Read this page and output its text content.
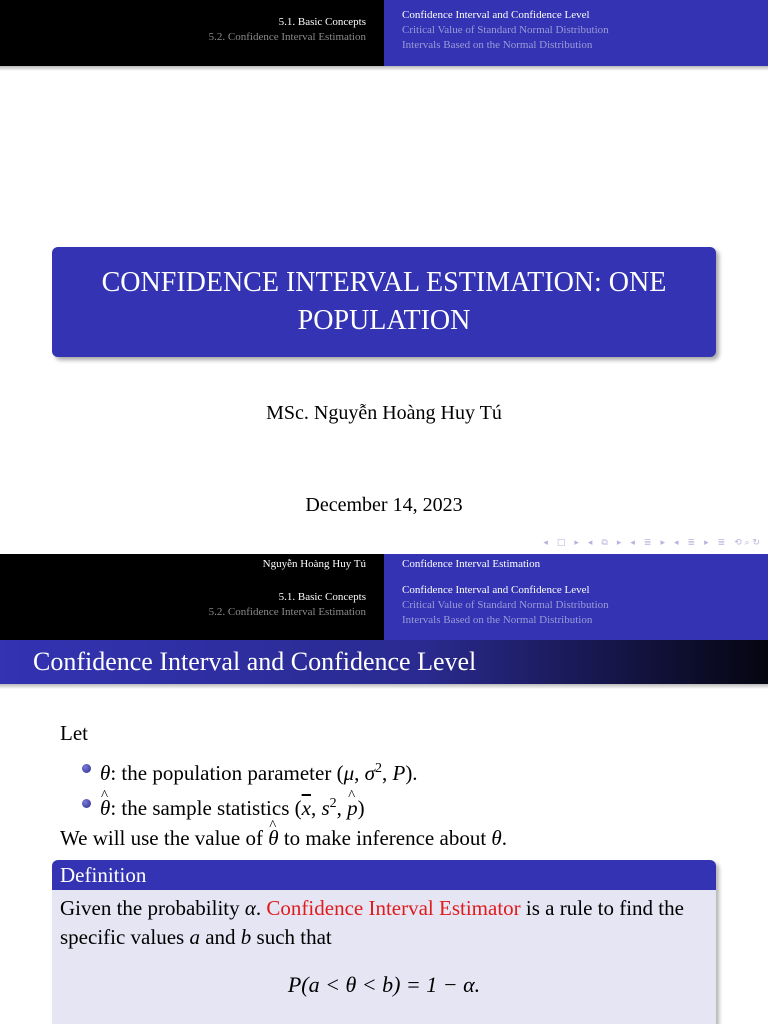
5.1. Basic Concepts
5.2. Confidence Interval Estimation
Confidence Interval and Confidence Level
Critical Value of Standard Normal Distribution
Intervals Based on the Normal Distribution
CONFIDENCE INTERVAL ESTIMATION: ONE POPULATION
MSc. Nguyễn Hoàng Huy Tú
December 14, 2023
◂ □ ▸ ◂ ⧉ ▸ ◂ ≣ ▸ ◂ ≣ ▸ ≣ ⟲ ⌕ ↻
Nguyễn Hoàng Huy Tú
5.1. Basic Concepts
5.2. Confidence Interval Estimation
Confidence Interval Estimation
Confidence Interval and Confidence Level
Critical Value of Standard Normal Distribution
Intervals Based on the Normal Distribution
Confidence Interval and Confidence Level
Let
θ: the population parameter (μ, $\sigma^2$, P).
^ θ: the sample statistics ($\overline{x}$, $s^2$, ^ p)
We will use the value of ^ θ to make inference about θ.
Definition
Given the probability α. Confidence Interval Estimator is a rule to find the specific values a and b such that
P(a < θ < b) = 1 − α.
